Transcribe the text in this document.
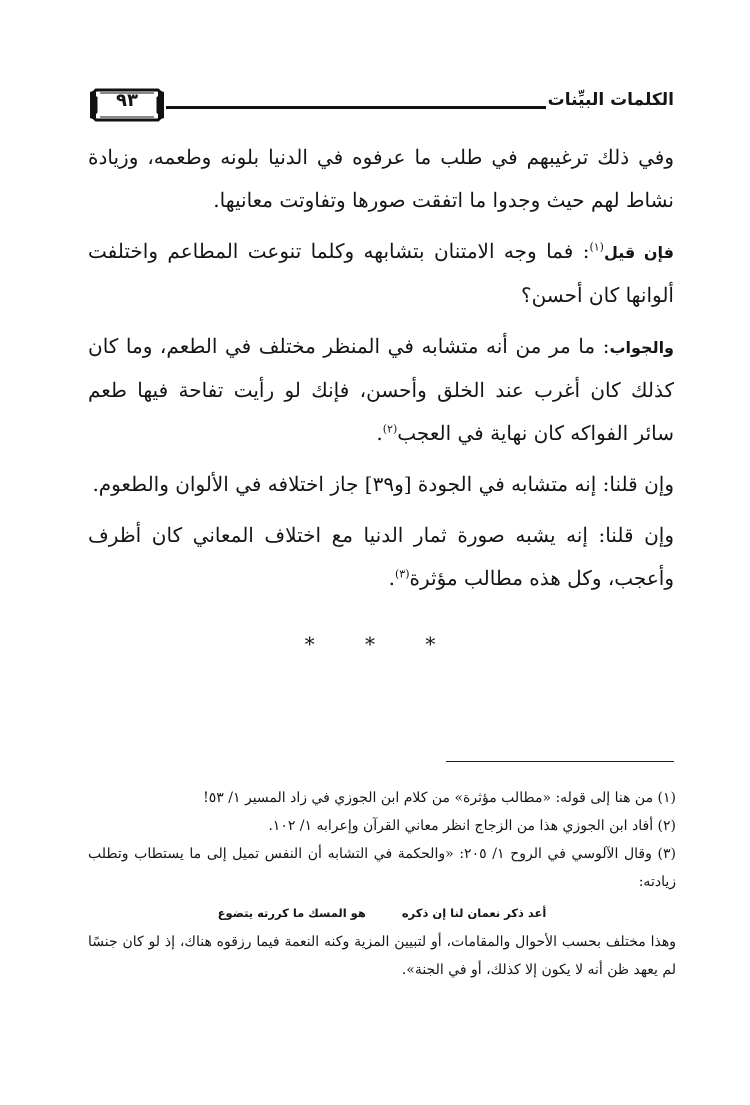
الكلمات البيِّنات
٩٣

وفي ذلك ترغيبهم في طلب ما عرفوه في الدنيا بلونه وطعمه، وزيادة نشاط لهم حيث وجدوا ما اتفقت صورها وتفاوتت معانيها.

فإن قيل$^{(١)}$: فما وجه الامتنان بتشابهه وكلما تنوعت المطاعم واختلفت ألوانها كان أحسن؟

والجواب: ما مر من أنه متشابه في المنظر مختلف في الطعم، وما كان كذلك كان أغرب عند الخلق وأحسن، فإنك لو رأيت تفاحة فيها طعم سائر الفواكه كان نهاية في العجب$^{(٢)}$.

وإن قلنا: إنه متشابه في الجودة [و٣٩] جاز اختلافه في الألوان والطعوم.

وإن قلنا: إنه يشبه صورة ثمار الدنيا مع اختلاف المعاني كان أظرف وأعجب، وكل هذه مطالب مؤثرة$^{(٣)}$.

* * *

(١) من هنا إلى قوله: «مطالب مؤثرة» من كلام ابن الجوزي في زاد المسير ١/ ٥٣!

(٢) أفاد ابن الجوزي هذا من الزجاج انظر معاني القرآن وإعرابه ١/ ١٠٢.

(٣) وقال الآلوسي في الروح ١/ ٢٠٥: «والحكمة في التشابه أن النفس تميل إلى ما يستطاب وتطلب زيادته:

أعد ذكر نعمان لنا إن ذكره
هو المسك ما كررته يتضوع

وهذا مختلف بحسب الأحوال والمقامات، أو لتبيين المزية وكنه النعمة فيما رزقوه هناك، إذ لو كان جنسًا لم يعهد ظن أنه لا يكون إلا كذلك، أو في الجنة».
